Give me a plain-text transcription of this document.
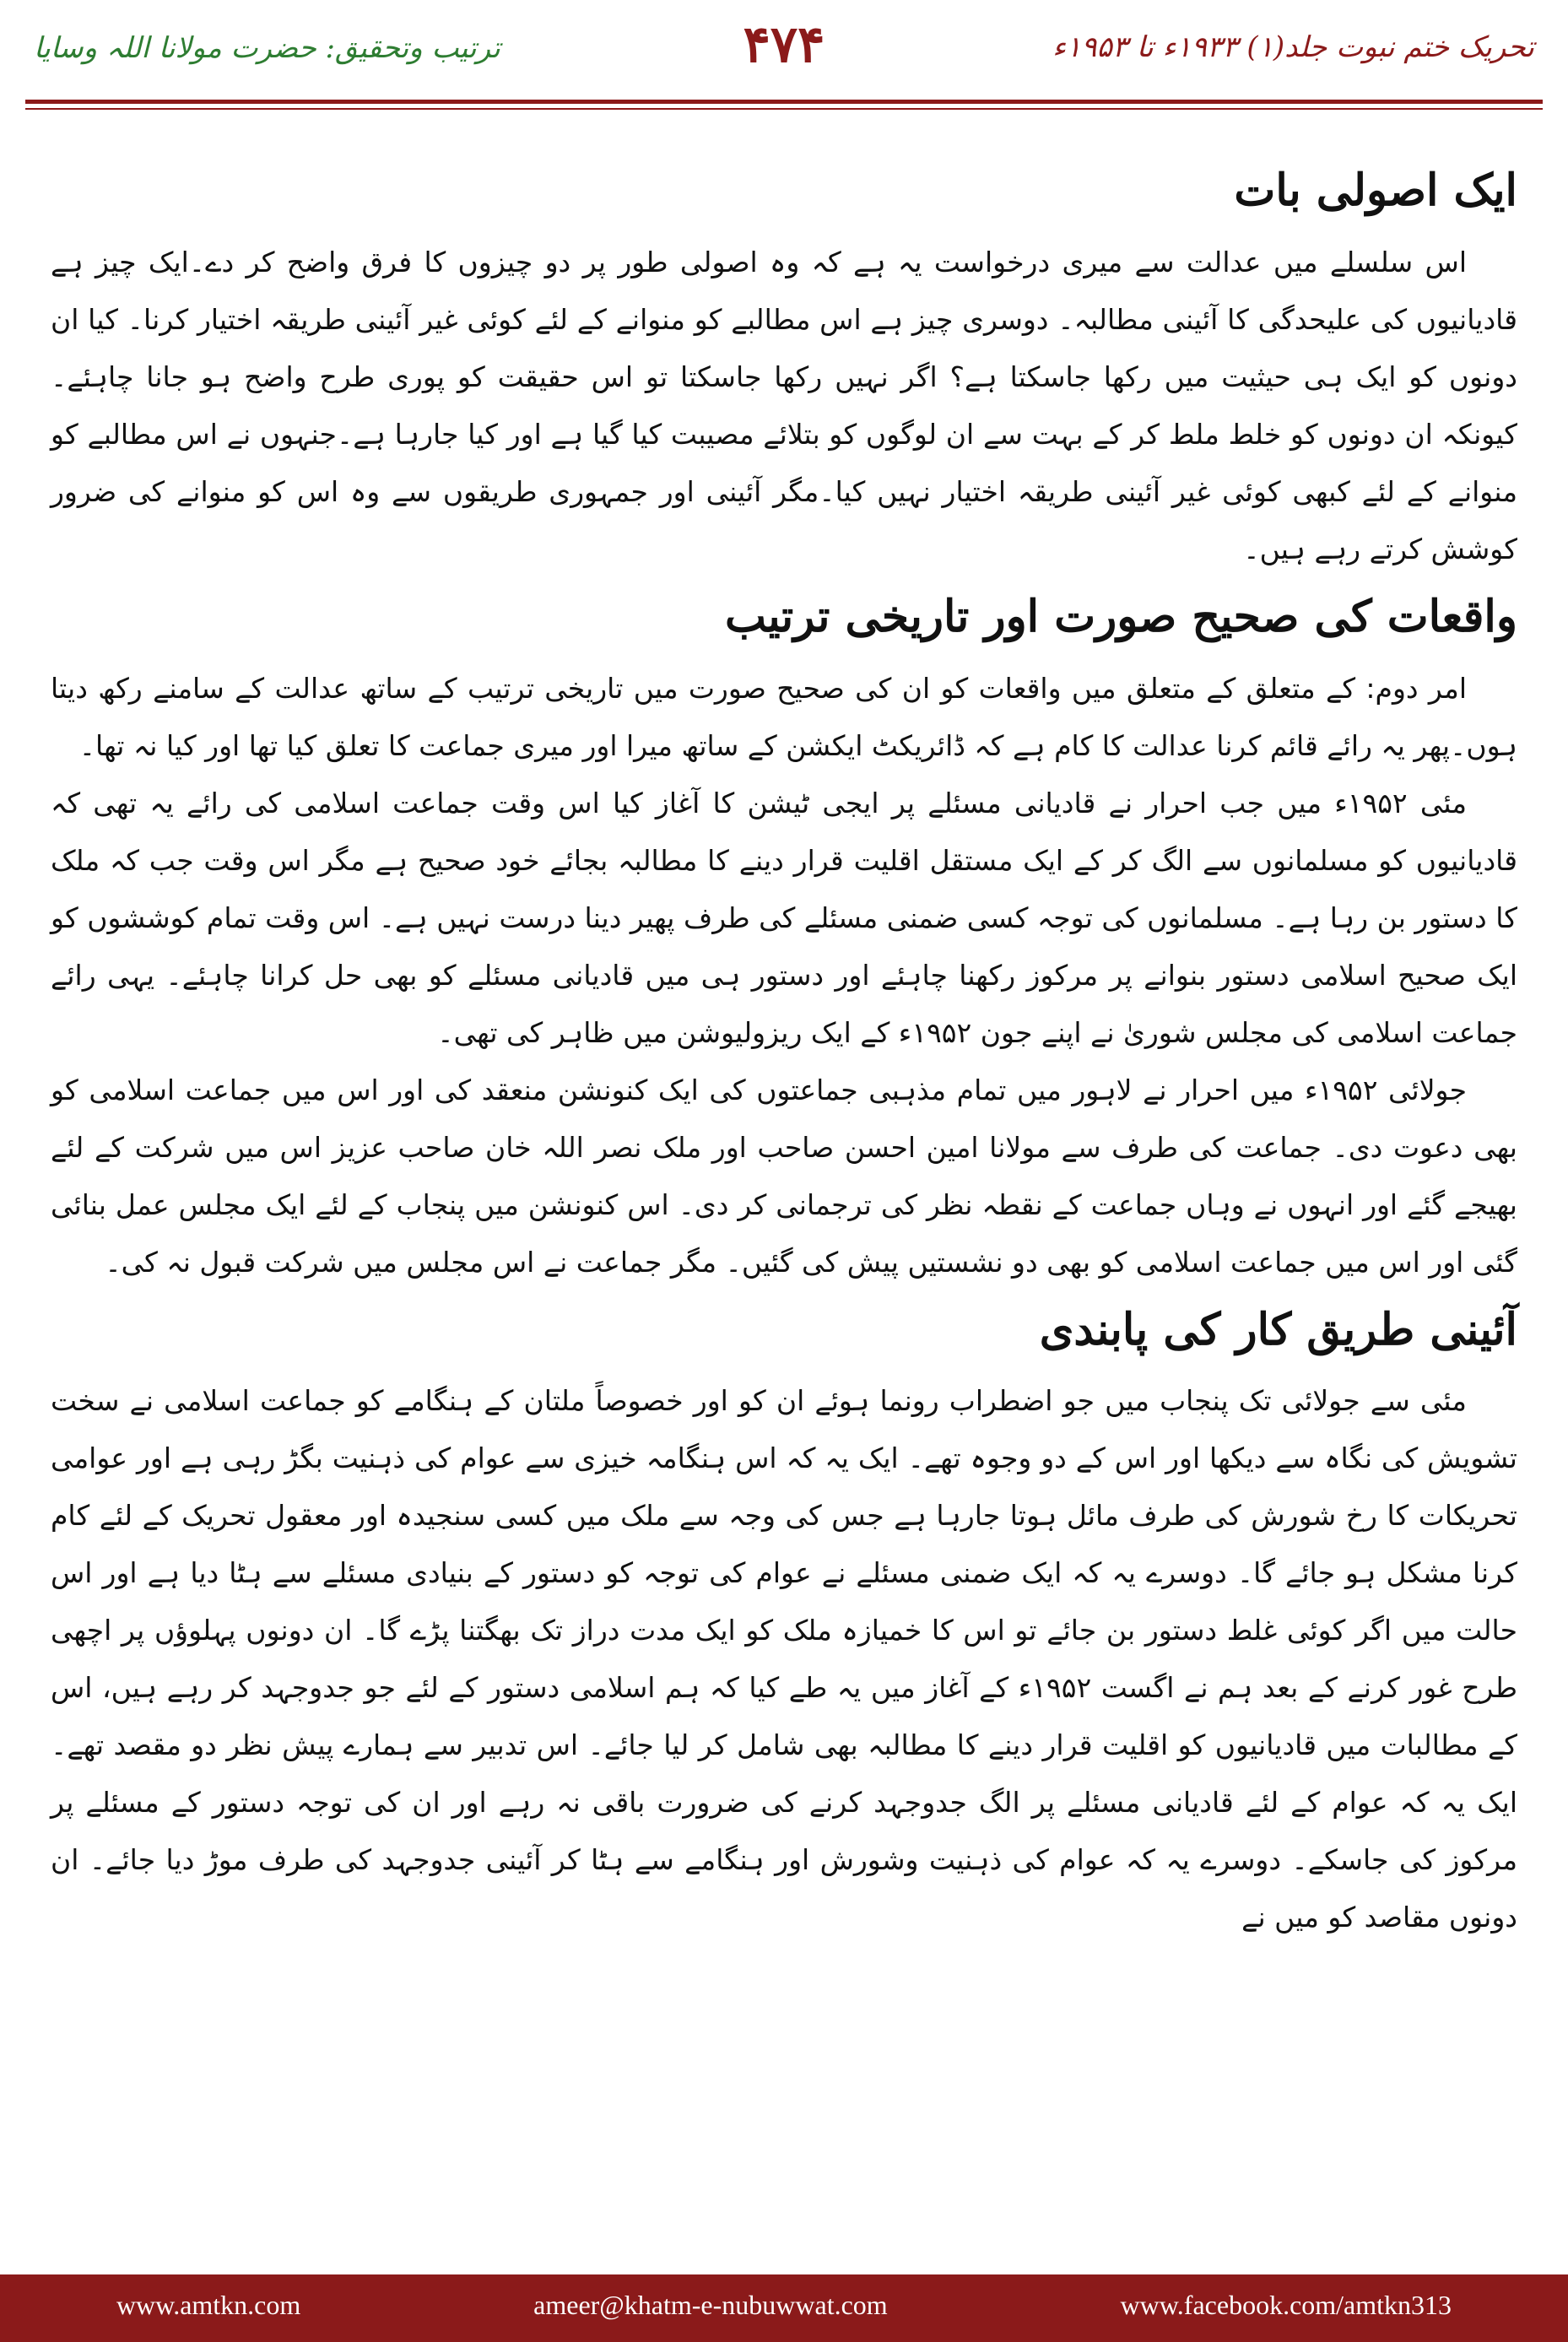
تحریک ختم نبوت جلد(۱) ۱۹۳۳ء تا ۱۹۵۳ء
۴۷۴
ترتیب وتحقیق: حضرت مولانا اللہ وسایا
ایک اصولی بات

اس سلسلے میں عدالت سے میری درخواست یہ ہے کہ وہ اصولی طور پر دو چیزوں کا فرق واضح کر دے۔ایک چیز ہے قادیانیوں کی علیحدگی کا آئینی مطالبہ۔ دوسری چیز ہے اس مطالبے کو منوانے کے لئے کوئی غیر آئینی طریقہ اختیار کرنا۔ کیا ان دونوں کو ایک ہی حیثیت میں رکھا جاسکتا ہے؟ اگر نہیں رکھا جاسکتا تو اس حقیقت کو پوری طرح واضح ہو جانا چاہئے۔ کیونکہ ان دونوں کو خلط ملط کر کے بہت سے ان لوگوں کو بتلائے مصیبت کیا گیا ہے اور کیا جارہا ہے۔جنہوں نے اس مطالبے کو منوانے کے لئے کبھی کوئی غیر آئینی طریقہ اختیار نہیں کیا۔مگر آئینی اور جمہوری طریقوں سے وہ اس کو منوانے کی ضرور کوشش کرتے رہے ہیں۔

واقعات کی صحیح صورت اور تاریخی ترتیب

امر دوم: کے متعلق کے متعلق میں واقعات کو ان کی صحیح صورت میں تاریخی ترتیب کے ساتھ عدالت کے سامنے رکھ دیتا ہوں۔پھر یہ رائے قائم کرنا عدالت کا کام ہے کہ ڈائریکٹ ایکشن کے ساتھ میرا اور میری جماعت کا تعلق کیا تھا اور کیا نہ تھا۔

مئی ۱۹۵۲ء میں جب احرار نے قادیانی مسئلے پر ایجی ٹیشن کا آغاز کیا اس وقت جماعت اسلامی کی رائے یہ تھی کہ قادیانیوں کو مسلمانوں سے الگ کر کے ایک مستقل اقلیت قرار دینے کا مطالبہ بجائے خود صحیح ہے مگر اس وقت جب کہ ملک کا دستور بن رہا ہے۔ مسلمانوں کی توجہ کسی ضمنی مسئلے کی طرف پھیر دینا درست نہیں ہے۔ اس وقت تمام کوششوں کو ایک صحیح اسلامی دستور بنوانے پر مرکوز رکھنا چاہئے اور دستور ہی میں قادیانی مسئلے کو بھی حل کرانا چاہئے۔ یہی رائے جماعت اسلامی کی مجلس شوریٰ نے اپنے جون ۱۹۵۲ء کے ایک ریزولیوشن میں ظاہر کی تھی۔

جولائی ۱۹۵۲ء میں احرار نے لاہور میں تمام مذہبی جماعتوں کی ایک کنونشن منعقد کی اور اس میں جماعت اسلامی کو بھی دعوت دی۔ جماعت کی طرف سے مولانا امین احسن صاحب اور ملک نصر اللہ خان صاحب عزیز اس میں شرکت کے لئے بھیجے گئے اور انہوں نے وہاں جماعت کے نقطہ نظر کی ترجمانی کر دی۔ اس کنونشن میں پنجاب کے لئے ایک مجلس عمل بنائی گئی اور اس میں جماعت اسلامی کو بھی دو نشستیں پیش کی گئیں۔ مگر جماعت نے اس مجلس میں شرکت قبول نہ کی۔

آئینی طریق کار کی پابندی

مئی سے جولائی تک پنجاب میں جو اضطراب رونما ہوئے ان کو اور خصوصاً ملتان کے ہنگامے کو جماعت اسلامی نے سخت تشویش کی نگاہ سے دیکھا اور اس کے دو وجوہ تھے۔ ایک یہ کہ اس ہنگامہ خیزی سے عوام کی ذہنیت بگڑ رہی ہے اور عوامی تحریکات کا رخ شورش کی طرف مائل ہوتا جارہا ہے جس کی وجہ سے ملک میں کسی سنجیدہ اور معقول تحریک کے لئے کام کرنا مشکل ہو جائے گا۔ دوسرے یہ کہ ایک ضمنی مسئلے نے عوام کی توجہ کو دستور کے بنیادی مسئلے سے ہٹا دیا ہے اور اس حالت میں اگر کوئی غلط دستور بن جائے تو اس کا خمیازہ ملک کو ایک مدت دراز تک بھگتنا پڑے گا۔ ان دونوں پہلوؤں پر اچھی طرح غور کرنے کے بعد ہم نے اگست ۱۹۵۲ء کے آغاز میں یہ طے کیا کہ ہم اسلامی دستور کے لئے جو جدوجہد کر رہے ہیں، اس کے مطالبات میں قادیانیوں کو اقلیت قرار دینے کا مطالبہ بھی شامل کر لیا جائے۔ اس تدبیر سے ہمارے پیش نظر دو مقصد تھے۔ ایک یہ کہ عوام کے لئے قادیانی مسئلے پر الگ جدوجہد کرنے کی ضرورت باقی نہ رہے اور ان کی توجہ دستور کے مسئلے پر مرکوز کی جاسکے۔ دوسرے یہ کہ عوام کی ذہنیت وشورش اور ہنگامے سے ہٹا کر آئینی جدوجہد کی طرف موڑ دیا جائے۔ ان دونوں مقاصد کو میں نے

www.amtkn.com	ameer@khatm-e-nubuwwat.com	www.facebook.com/amtkn313
